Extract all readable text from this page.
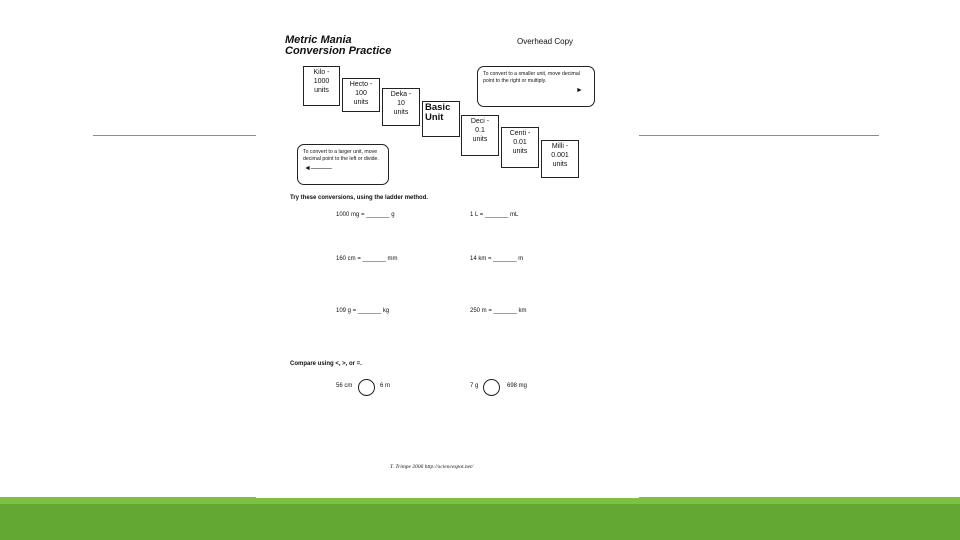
Metric Mania
Conversion Practice
Overhead Copy
Kilo -
1000
units
Hecto -
100
units
Deka -
10
units	Basic
Unit	Deci -
0.1
units
Centi -
0.01
units
Milli -
0.001
units
To convert to a smaller unit, move decimal point to the right or multiply.
►
To convert to a larger unit, move decimal point to the left or divide.
◄———
Try these conversions, using the ladder method.
1000 mg = _______ g	1 L = _______ mL
160 cm = _______ mm	14 km = _______ m
109 g = _______ kg	250 m = _______ km
Compare using <, >, or =.
56 cm	6 m	7 g	698 mg
T. Trimpe 2006 http://sciencespot.net/
